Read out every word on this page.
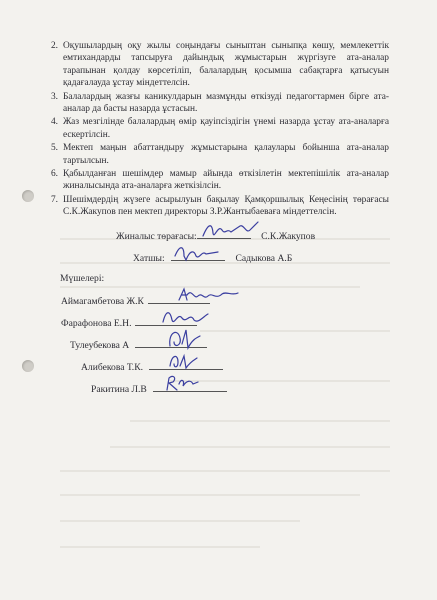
2. Оқушылардың оқу жылы соңындағы сыныптан сыныпқа көшу, мемлекеттік емтихандарды тапсыруға дайындық жұмыстарын жүргізуге ата-аналар тарапынан қолдау көрсетіліп, балалардың қосымша сабақтарға қатысуын қадағалауда ұстау міндеттелсін.
3. Балалардың жазғы каникулдарын мазмұнды өткізуді педагогтармен бірге ата-аналар да басты назарда ұстасын.
4. Жаз мезгілінде балалардың өмір қауіпсіздігін үнемі назарда ұстау ата-аналарға ескертілсін.
5. Мектеп маңын абаттандыру жұмыстарына қалаулары бойынша ата-аналар тартылсын.
6. Қабылданған шешімдер мамыр айында өткізілетін мектепішілік ата-аналар жиналысында ата-аналарға жеткізілсін.
7. Шешімдердің жүзеге асырылуын бақылау Қамқоршылық Кеңесінің төрағасы С.К.Жакупов пен мектеп директоры З.Р.Жантыбаеваға міндеттелсін.
Жиналыс төрағасы:	С.К.Жакупов
Хатшы:	Садыкова А.Б
Мүшелері:
Аймагамбетова Ж.К
Фарафонова Е.Н.
Тулеубекова А
Алибекова Т.К.
Ракитина Л.В
